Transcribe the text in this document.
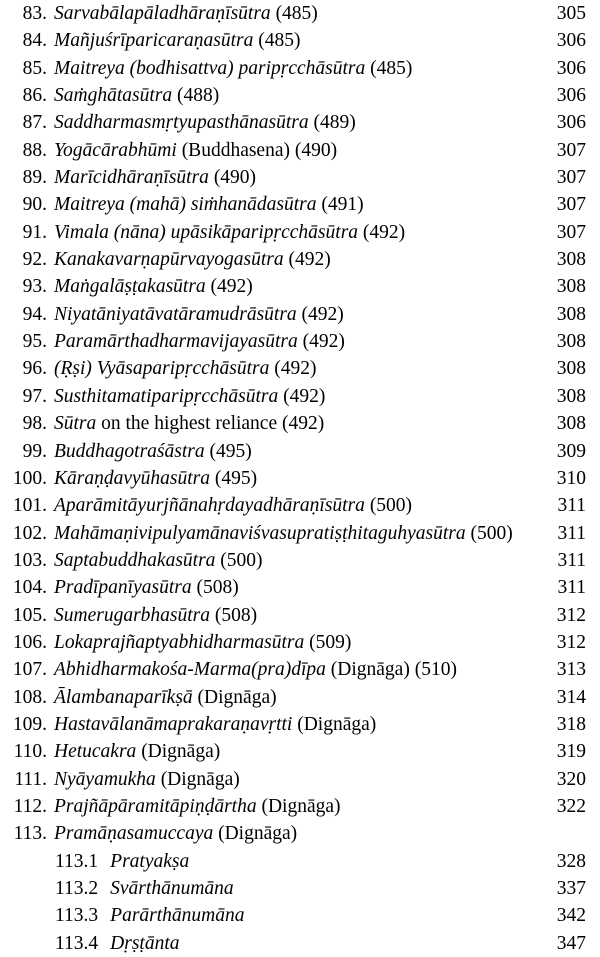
83. Sarvabālapāladhāraṇīsūtra (485)	305
84. Mañjuśrīparicaraṇasūtra (485)	306
85. Maitreya (bodhisattva) paripṛcchāsūtra (485)	306
86. Saṁghātasūtra (488)	306
87. Saddharmasmṛtyupasthānasūtra (489)	306
88. Yogācārabhūmi (Buddhasena) (490)	307
89. Marīcidhāraṇīsūtra (490)	307
90. Maitreya (mahā) siṁhanādasūtra (491)	307
91. Vimala (nāna) upāsikāparipṛcchāsūtra (492)	307
92. Kanakavarṇapūrvayogasūtra (492)	308
93. Maṅgalāṣṭakasūtra (492)	308
94. Niyatāniyatāvatāramudrāsūtra (492)	308
95. Paramārthadharmavijayasūtra (492)	308
96. (Ṛṣi) Vyāsaparipṛcchāsūtra (492)	308
97. Susthitamatiparipṛcchāsūtra (492)	308
98. Sūtra on the highest reliance (492)	308
99. Buddhagotraśāstra (495)	309
100. Kāraṇḍavyūhasūtra (495)	310
101. Aparāmitāyurjñānahṛdayadhāraṇīsūtra (500)	311
102. Mahāmaṇivipulyamānaviśvasupratiṣṭhitaguhyasūtra (500) 311
103. Saptabuddhakasūtra (500)	311
104. Pradīpanīyasūtra (508)	311
105. Sumerugarbhasūtra (508)	312
106. Lokaprajñaptyabhidharmasūtra (509)	312
107. Abhidharmakośa-Marma(pra)dīpa (Dignāga) (510)	313
108. Ālambanaparīkṣā (Dignāga)	314
109. Hastavālanāmaprakaraṇavṛtti (Dignāga)	318
110. Hetucakra (Dignāga)	319
111. Nyāyamukha (Dignāga)	320
112. Prajñāpāramitāpiṇḍārtha (Dignāga)	322
113. Pramāṇasamuccaya (Dignāga)
113.1 Pratyakṣa	328
113.2 Svārthānumāna	337
113.3 Parārthānumāna	342
113.4 Dṛṣṭānta	347
